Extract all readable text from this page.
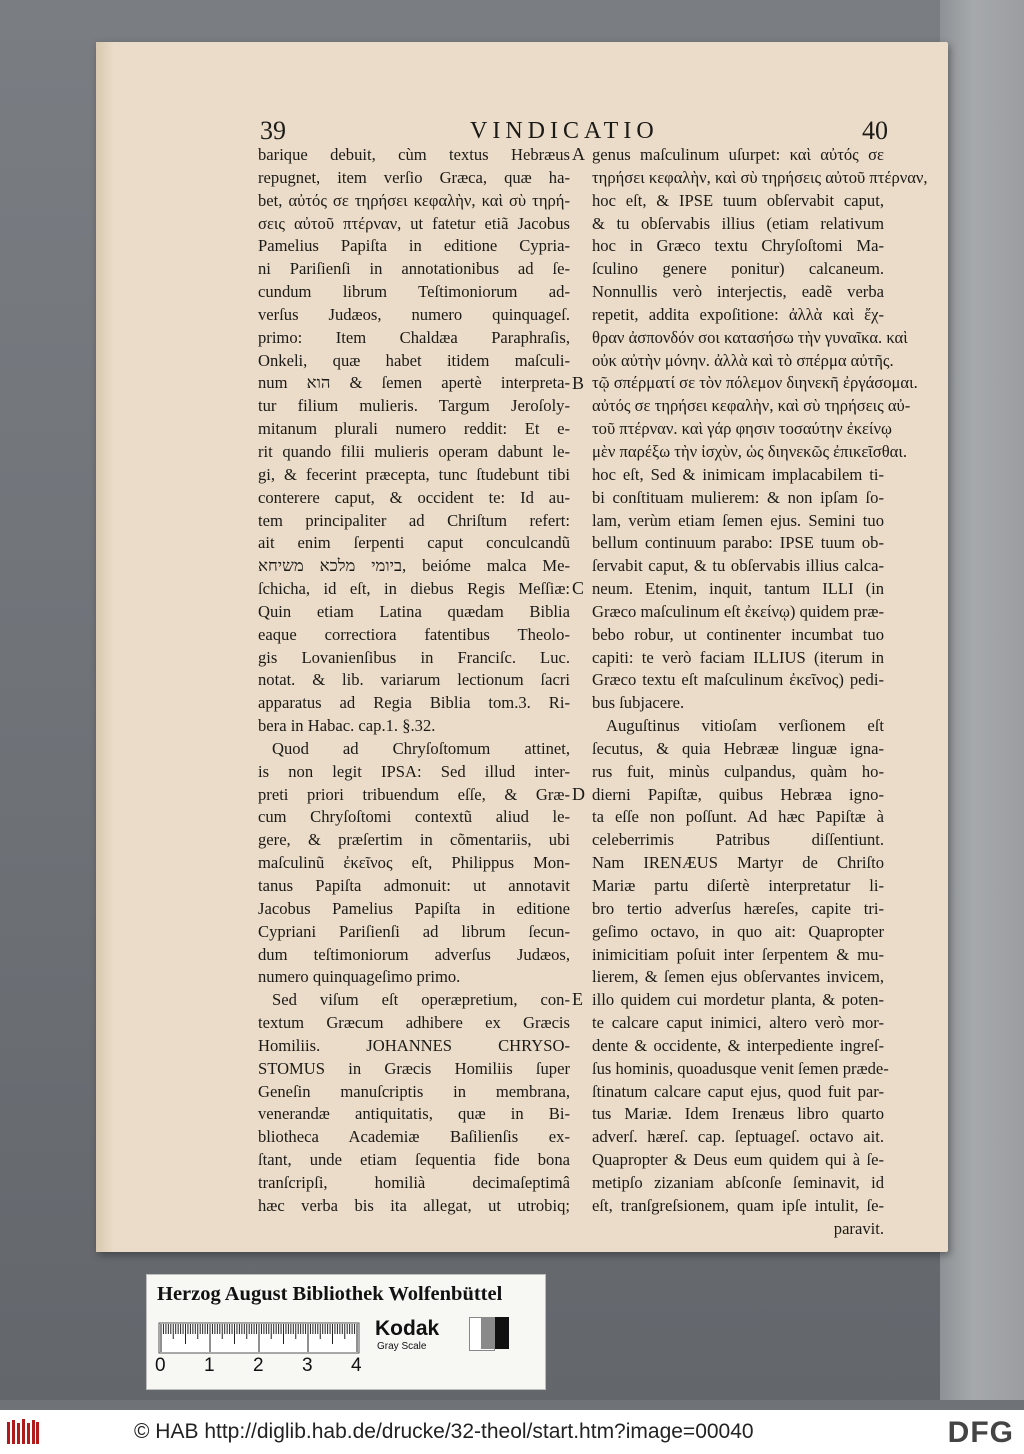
39	VINDICATIO	40
barique debuit, cùm textus Hebræus
repugnet, item verſio Græca, quæ ha-
bet, αὐτός σε τηρήσει κεφαλὴν, καὶ σὺ τηρή-
σεις αὐτοῦ πτέρναν, ut fatetur etiã Jacobus
Pamelius Papiſta in editione Cypria-
ni Pariſienſi in annotationibus ad ſe-
cundum librum Teſtimoniorum ad-
verſus Judæos, numero quinquageſ.
primo: Item Chaldæa Paraphraſis,
Onkeli, quæ habet itidem maſculi-
num הוא & ſemen apertè interpreta-
tur filium mulieris. Targum Jeroſoly-
mitanum plurali numero reddit: Et e-
rit quando filii mulieris operam dabunt le-
gi, & fecerint præcepta, tunc ſtudebunt tibi
conterere caput, & occident te: Id au-
tem principaliter ad Chriſtum refert:
ait enim ſerpenti caput conculcandũ
ביומי מלכא משיחא, beióme malca Me-
ſchicha, id eſt, in diebus Regis Meſſiæ:
Quin etiam Latina quædam Biblia
eaque correctiora fatentibus Theolo-
gis Lovanienſibus in Franciſc. Luc.
notat. & lib. variarum lectionum ſacri
apparatus ad Regia Biblia tom.3. Ri-
bera in Habac. cap.1. §.32.
Quod ad Chryſoſtomum attinet,
is non legit IPSA: Sed illud inter-
preti priori tribuendum eſſe, & Græ-
cum Chryſoſtomi contextũ aliud le-
gere, & præſertim in cõmentariis, ubi
maſculinũ ἐκεῖνος eſt, Philippus Mon-
tanus Papiſta admonuit: ut annotavit
Jacobus Pamelius Papiſta in editione
Cypriani Pariſienſi ad librum ſecun-
dum teſtimoniorum adverſus Judæos,
numero quinquageſimo primo.
Sed viſum eſt operæpretium, con-
textum Græcum adhibere ex Græcis
Homiliis. JOHANNES CHRYSO-
STOMUS in Græcis Homiliis ſuper
Geneſin manuſcriptis in membrana,
venerandæ antiquitatis, quæ in Bi-
bliotheca Academiæ Baſilienſis ex-
ſtant, unde etiam ſequentia fide bona
tranſcripſi, homilià decimaſeptimâ
hæc verba bis ita allegat, ut utrobiq;
A
B
C
D
E
genus maſculinum uſurpet: καὶ αὐτός σε
τηρήσει κεφαλὴν, καὶ σὺ τηρήσεις αὐτοῦ πτέρναν,
hoc eſt, & IPSE tuum obſervabit caput,
& tu obſervabis illius (etiam relativum
hoc in Græco textu Chryſoſtomi Ma-
ſculino genere ponitur) calcaneum.
Nonnullis verò interjectis, eadẽ verba
repetit, addita expoſitione: ἀλλὰ καὶ ἔχ-
θραν ἀσπονδόν σοι κατασήσω τὴν γυναῖκα. καὶ
οὐκ αὐτὴν μόνην. ἀλλὰ καὶ τὸ σπέρμα αὐτῆς.
τῷ σπέρματί σε τὸν πόλεμον διηνεκῆ ἐργάσομαι.
αὐτός σε τηρήσει κεφαλὴν, καὶ σὺ τηρήσεις αὐ-
τοῦ πτέρναν. καὶ γάρ φησιν τοσαύτην ἐκείνῳ
μὲν παρέξω τὴν ἰσχὺν, ὡς διηνεκῶς ἐπικεῖσθαι.
hoc eſt, Sed & inimicam implacabilem ti-
bi conſtituam mulierem: & non ipſam ſo-
lam, verùm etiam ſemen ejus. Semini tuo
bellum continuum parabo: IPSE tuum ob-
ſervabit caput, & tu obſervabis illius calca-
neum. Etenim, inquit, tantum ILLI (in
Græco maſculinum eſt ἐκείνῳ) quidem præ-
bebo robur, ut continenter incumbat tuo
capiti: te verò faciam ILLIUS (iterum in
Græco textu eſt maſculinum ἐκεῖνος) pedi-
bus ſubjacere.
Auguſtinus vitioſam verſionem eſt
ſecutus, & quia Hebrææ linguæ igna-
rus fuit, minùs culpandus, quàm ho-
dierni Papiſtæ, quibus Hebræa igno-
ta eſſe non poſſunt. Ad hæc Papiſtæ à
celeberrimis Patribus diſſentiunt.
Nam IRENÆUS Martyr de Chriſto
Mariæ partu diſertè interpretatur li-
bro tertio adverſus hæreſes, capite tri-
geſimo octavo, in quo ait: Quapropter
inimicitiam poſuit inter ſerpentem & mu-
lierem, & ſemen ejus obſervantes invicem,
illo quidem cui mordetur planta, & poten-
te calcare caput inimici, altero verò mor-
dente & occidente, & interpediente ingreſ-
ſus hominis, quoadusque venit ſemen præde-
ſtinatum calcare caput ejus, quod fuit par-
tus Mariæ. Idem Irenæus libro quarto
adverſ. hæreſ. cap. ſeptuageſ. octavo ait.
Quapropter & Deus eum quidem qui à ſe-
metipſo zizaniam abſconſe ſeminavit, id
eſt, tranſgreſsionem, quam ipſe intulit, ſe-
paravit.
Herzog August Bibliothek Wolfenbüttel
0 1 2 3 4
Kodak
Gray Scale
© HAB http://diglib.hab.de/drucke/32-theol/start.htm?image=00040	DFG
